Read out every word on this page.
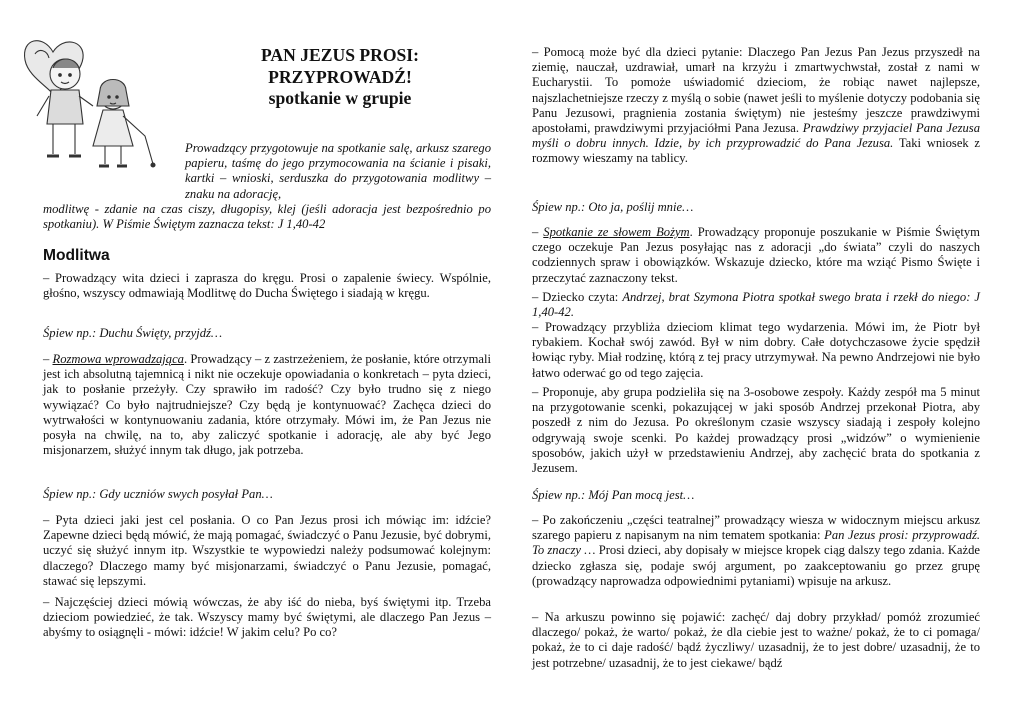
PAN JEZUS PROSI:
PRZYPROWADŹ!
spotkanie w grupie

Prowadzący przygotowuje na spotkanie salę, arkusz szarego papieru, taśmę do jego przymocowania na ścianie i pisaki, kartki – wnioski, serduszka do przygotowania modlitwy – znaku na adorację,
modlitwę - zdanie na czas ciszy, długopisy, klej (jeśli adoracja jest bezpośrednio po spotkaniu). W Piśmie Świętym zaznacza tekst: J 1,40-42

Modlitwa

– Prowadzący wita dzieci i zaprasza do kręgu. Prosi o zapalenie świecy. Wspólnie, głośno, wszyscy odmawiają Modlitwę do Ducha Świętego i siadają w kręgu.

Śpiew np.: Duchu Święty, przyjdź…

– Rozmowa wprowadzająca. Prowadzący – z zastrzeżeniem, że posłanie, które otrzymali jest ich absolutną tajemnicą i nikt nie oczekuje opowiadania o konkretach – pyta dzieci, jak to posłanie przeżyły. Czy sprawiło im radość? Czy było trudno się z niego wywiązać? Co było najtrudniejsze? Czy będą je kontynuować? Zachęca dzieci do wytrwałości w kontynuowaniu zadania, które otrzymały. Mówi im, że Pan Jezus nie posyła na chwilę, na to, aby zaliczyć spotkanie i adorację, ale aby być Jego misjonarzem, służyć innym tak długo, jak potrzeba.

Śpiew np.: Gdy uczniów swych posyłał Pan…

– Pyta dzieci jaki jest cel posłania. O co Pan Jezus prosi ich mówiąc im: idźcie? Zapewne dzieci będą mówić, że mają pomagać, świadczyć o Panu Jezusie, być dobrymi, uczyć się służyć innym itp. Wszystkie te wypowiedzi należy podsumować kolejnym: dlaczego? Dlaczego mamy być misjonarzami, świadczyć o Panu Jezusie, pomagać, stawać się lepszymi.

– Najczęściej dzieci mówią wówczas, że aby iść do nieba, byś świętymi itp. Trzeba dzieciom powiedzieć, że tak. Wszyscy mamy być świętymi, ale dlaczego Pan Jezus – abyśmy to osiągnęli - mówi: idźcie! W jakim celu? Po co?

– Pomocą może być dla dzieci pytanie: Dlaczego Pan Jezus Pan Jezus przyszedł na ziemię, nauczał, uzdrawiał, umarł na krzyżu i zmartwychwstał, został z nami w Eucharystii. To pomoże uświadomić dzieciom, że robiąc nawet najlepsze, najszlachetniejsze rzeczy z myślą o sobie (nawet jeśli to myślenie dotyczy podobania się Panu Jezusowi, pragnienia zostania świętym) nie jesteśmy jeszcze prawdziwymi apostołami, prawdziwymi przyjaciółmi Pana Jezusa. Prawdziwy przyjaciel Pana Jezusa myśli o dobru innych. Idzie, by ich przyprowadzić do Pana Jezusa. Taki wniosek z rozmowy wieszamy na tablicy.

Śpiew np.: Oto ja, poślij mnie…

– Spotkanie ze słowem Bożym. Prowadzący proponuje poszukanie w Piśmie Świętym czego oczekuje Pan Jezus posyłając nas z adoracji „do świata” czyli do naszych codziennych spraw i obowiązków. Wskazuje dziecko, które ma wziąć Pismo Święte i przeczytać zaznaczony tekst.

– Dziecko czyta: Andrzej, brat Szymona Piotra spotkał swego brata i rzekł do niego: J 1,40-42.

– Prowadzący przybliża dzieciom klimat tego wydarzenia. Mówi im, że Piotr był rybakiem. Kochał swój zawód. Był w nim dobry. Całe dotychczasowe życie spędził łowiąc ryby. Miał rodzinę, którą z tej pracy utrzymywał. Na pewno Andrzejowi nie było łatwo oderwać go od tego zajęcia.

– Proponuje, aby grupa podzieliła się na 3-osobowe zespoły. Każdy zespół ma 5 minut na przygotowanie scenki, pokazującej w jaki sposób Andrzej przekonał Piotra, aby poszedł z nim do Jezusa. Po określonym czasie wszyscy siadają i zespoły kolejno odgrywają swoje scenki. Po każdej prowadzący prosi „widzów” o wymienienie sposobów, jakich użył w przedstawieniu Andrzej, aby zachęcić brata do spotkania z Jezusem.

Śpiew np.: Mój Pan mocą jest…

– Po zakończeniu „części teatralnej” prowadzący wiesza w widocznym miejscu arkusz szarego papieru z napisanym na nim tematem spotkania: Pan Jezus prosi: przyprowadź. To znaczy … Prosi dzieci, aby dopisały w miejsce kropek ciąg dalszy tego zdania. Każde dziecko zgłasza się, podaje swój argument, po zaakceptowaniu go przez grupę (prowadzący naprowadza odpowiednimi pytaniami) wpisuje na arkusz.

– Na arkuszu powinno się pojawić: zachęć/ daj dobry przykład/ pomóż zrozumieć dlaczego/ pokaż, że warto/ pokaż, że dla ciebie jest to ważne/ pokaż, że to ci pomaga/ pokaż, że to ci daje radość/ bądź życzliwy/ uzasadnij, że to jest dobre/ uzasadnij, że to jest potrzebne/ uzasadnij, że to jest ciekawe/ bądź
